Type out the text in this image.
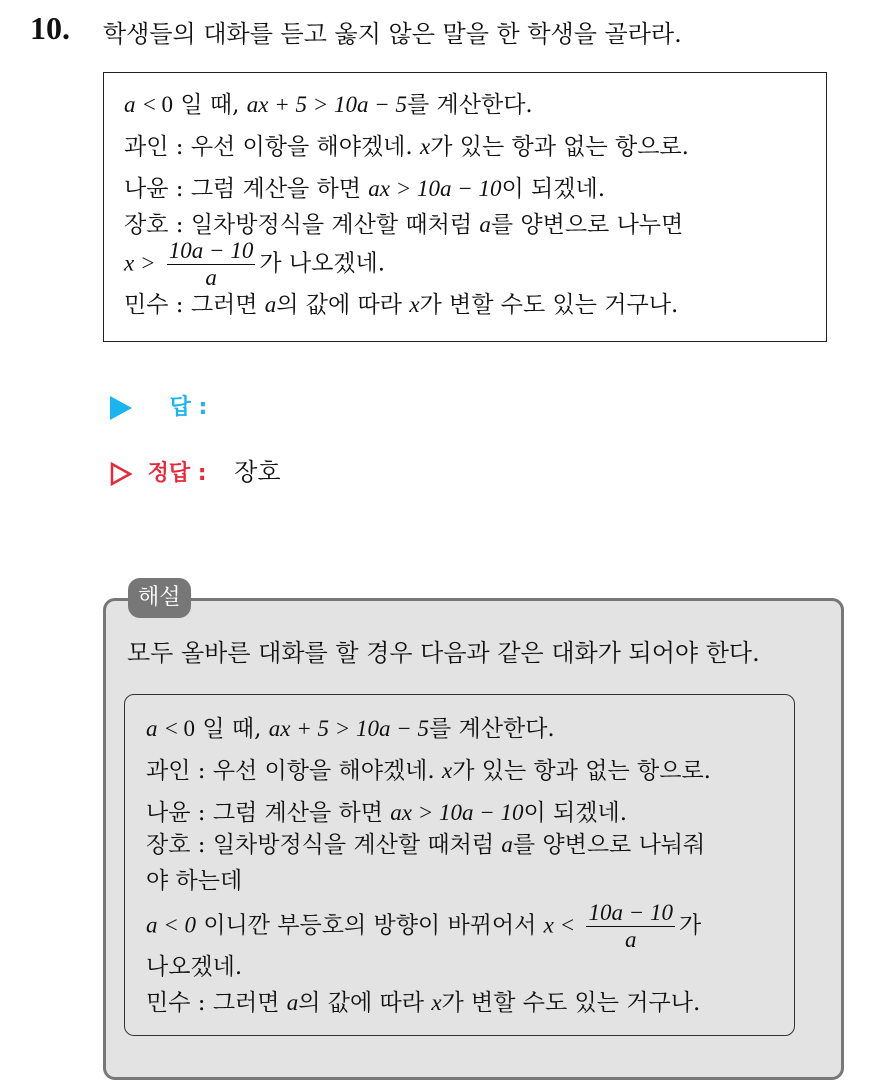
10. 학생들의 대화를 듣고 옳지 않은 말을 한 학생을 골라라.
a < 0 일 때, ax + 5 > 10a − 5를 계산한다.
과인 : 우선 이항을 해야겠네. x가 있는 항과 없는 항으로.
나윤 : 그럼 계산을 하면 ax > 10a − 10이 되겠네.
장호 : 일차방정식을 계산할 때처럼 a를 양변으로 나누면
$x > \frac{10a - 10}{a}$ 가 나오겠네.
민수 : 그러면 a의 값에 따라 x가 변할 수도 있는 거구나.
답 :
정답 : 장호
해설
모두 올바른 대화를 할 경우 다음과 같은 대화가 되어야 한다.
a < 0 일 때, ax + 5 > 10a − 5를 계산한다.
과인 : 우선 이항을 해야겠네. x가 있는 항과 없는 항으로.
나윤 : 그럼 계산을 하면 ax > 10a − 10이 되겠네.
장호 : 일차방정식을 계산할 때처럼 a를 양변으로 나눠줘
야 하는데
a < 0 이니깐 부등호의 방향이 바뀌어서 $x < \frac{10a - 10}{a}$ 가
나오겠네.
민수 : 그러면 a의 값에 따라 x가 변할 수도 있는 거구나.
